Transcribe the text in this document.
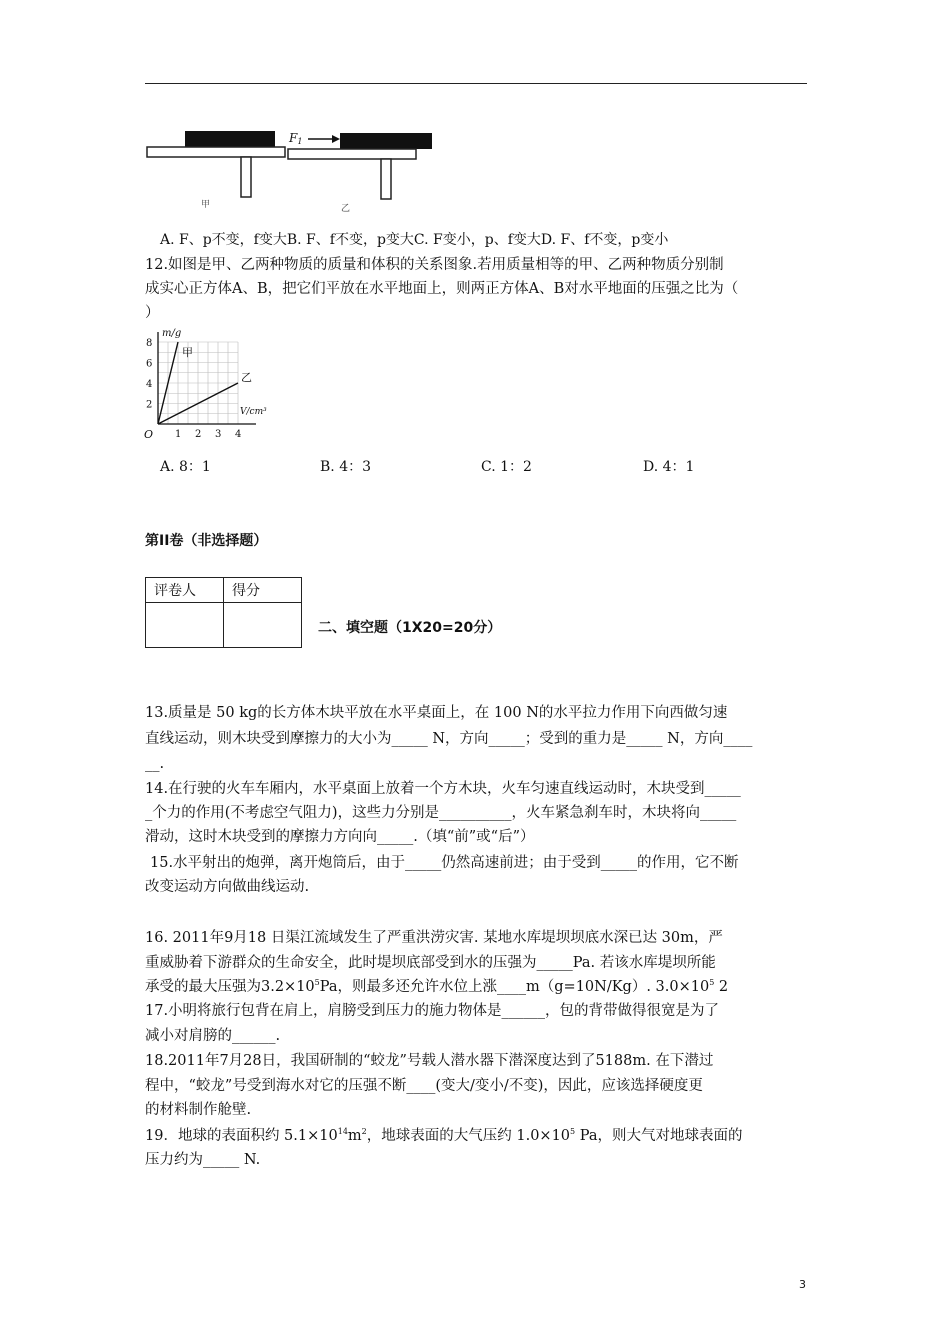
甲
F1
乙
A. F、p不变，f变大B. F、f不变，p变大C. F变小，p、f变大D. F、f不变，p变小
12.如图是甲、乙两种物质的质量和体积的关系图象.若用质量相等的甲、乙两种物质分别制
成实心正方体A、B，把它们平放在水平地面上，则两正方体A、B对水平地面的压强之比为（
）
甲
乙
1 2 3 4
2
4
6
8
O
m/g
V/cm³
A. 8：1	B. 4：3	C. 1：2	D. 4：1
第II卷（非选择题）
评卷人	得分

二、填空题（1X20=20分）
13.质量是 50 kg的长方体木块平放在水平桌面上，在 100 N的水平拉力作用下向西做匀速
直线运动，则木块受到摩擦力的大小为_____ N，方向_____；受到的重力是_____ N，方向____
__.
14.在行驶的火车车厢内，水平桌面上放着一个方木块，火车匀速直线运动时，木块受到_____
_个力的作用(不考虑空气阻力)，这些力分别是__________，火车紧急刹车时，木块将向_____
滑动，这时木块受到的摩擦力方向向_____.（填“前”或“后”）
15.水平射出的炮弹，离开炮筒后，由于_____仍然高速前进；由于受到_____的作用，它不断
改变运动方向做曲线运动.
16. 2011年9月18 日渠江流域发生了严重洪涝灾害. 某地水库堤坝坝底水深已达 30m，严
重威胁着下游群众的生命安全，此时堤坝底部受到水的压强为_____Pa. 若该水库堤坝所能
承受的最大压强为$3.2\times 10^5Pa$，则最多还允许水位上涨____m（g=10N/Kg）. $3.0\times 10^5$ 2
17.小明将旅行包背在肩上，肩膀受到压力的施力物体是______，包的背带做得很宽是为了
减小对肩膀的______.
18.2011年7月28日，我国研制的“蛟龙”号载人潜水器下潜深度达到了5188m. 在下潜过
程中，“蛟龙”号受到海水对它的压强不断____(变大/变小/不变)，因此，应该选择硬度更
的材料制作舱壁.
19．地球的表面积约 $5.1\times 10^{14}m^2$，地球表面的大气压约 $1.0\times 10^5$ Pa，则大气对地球表面的
压力约为_____ N.
3
